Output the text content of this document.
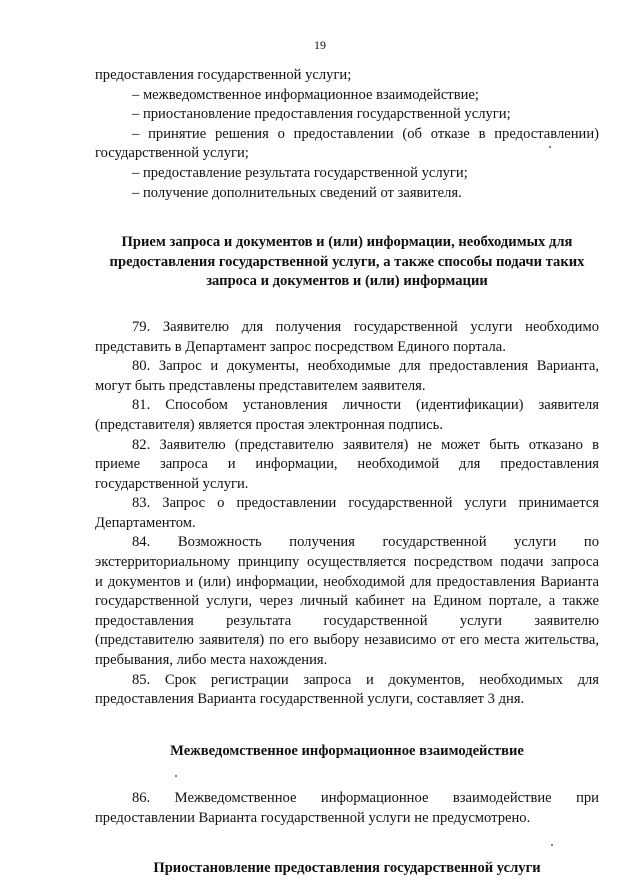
19
предоставления государственной услуги;
– межведомственное информационное взаимодействие;
– приостановление предоставления государственной услуги;
– принятие решения о предоставлении (об отказе в предоставлении)
государственной услуги;
– предоставление результата государственной услуги;
– получение дополнительных сведений от заявителя.
Прием запроса и документов и (или) информации, необходимых для
предоставления государственной услуги, а также способы подачи таких
запроса и документов и (или) информации
79. Заявителю для получения государственной услуги необходимо
представить в Департамент запрос посредством Единого портала.
80. Запрос и документы, необходимые для предоставления Варианта,
могут быть представлены представителем заявителя.
81. Способом установления личности (идентификации) заявителя
(представителя) является простая электронная подпись.
82. Заявителю (представителю заявителя) не может быть отказано в
приеме запроса и информации, необходимой для предоставления
государственной услуги.
83. Запрос о предоставлении государственной услуги принимается
Департаментом.
84. Возможность получения государственной услуги по
экстерриториальному принципу осуществляется посредством подачи запроса
и документов и (или) информации, необходимой для предоставления Варианта
государственной услуги, через личный кабинет на Едином портале, а также
предоставления результата государственной услуги заявителю
(представителю заявителя) по его выбору независимо от его места жительства,
пребывания, либо места нахождения.
85. Срок регистрации запроса и документов, необходимых для
предоставления Варианта государственной услуги, составляет 3 дня.
Межведомственное информационное взаимодействие
86. Межведомственное информационное взаимодействие при
предоставлении Варианта государственной услуги не предусмотрено.
Приостановление предоставления государственной услуги
